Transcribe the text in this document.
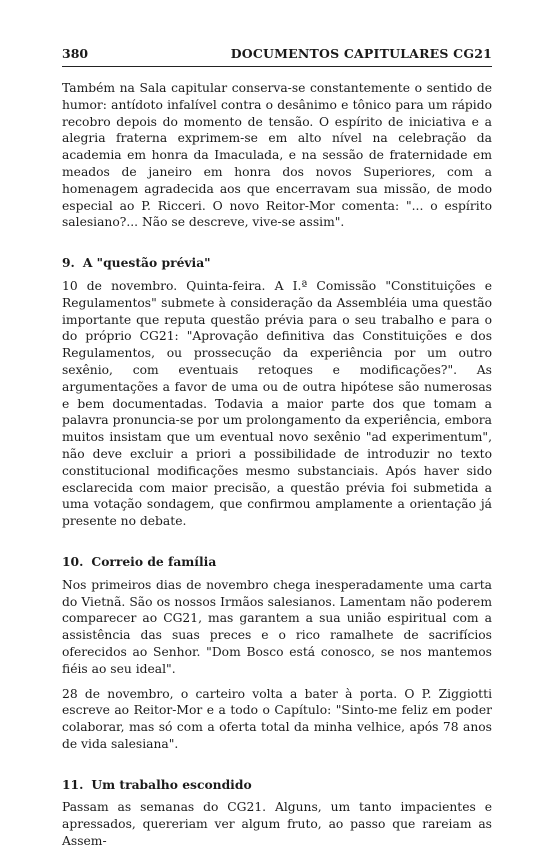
380	DOCUMENTOS CAPITULARES CG21

Também na Sala capitular conserva-se constantemente o sentido de humor: antídoto infalível contra o desânimo e tônico para um rápido recobro depois do momento de tensão. O espírito de iniciativa e a alegria fraterna exprimem-se em alto nível na celebração da academia em honra da Imaculada, e na sessão de fraternidade em meados de janeiro em honra dos novos Superiores, com a homenagem agradecida aos que encerravam sua missão, de modo especial ao P. Ricceri. O novo Reitor-Mor comenta: "... o espírito salesiano?... Não se descreve, vive-se assim".

9. A "questão prévia"

10 de novembro. Quinta-feira. A I.ª Comissão "Constituições e Regulamentos" submete à consideração da Assembléia uma questão importante que reputa questão prévia para o seu trabalho e para o do próprio CG21: "Aprovação definitiva das Constituições e dos Regulamentos, ou prossecução da experiência por um outro sexênio, com eventuais retoques e modificações?". As argumentações a favor de uma ou de outra hipótese são numerosas e bem documentadas. Todavia a maior parte dos que tomam a palavra pronuncia-se por um prolongamento da experiência, embora muitos insistam que um eventual novo sexênio "ad experimentum", não deve excluir a priori a possibilidade de introduzir no texto constitucional modificações mesmo substanciais. Após haver sido esclarecida com maior precisão, a questão prévia foi submetida a uma votação sondagem, que confirmou amplamente a orientação já presente no debate.

10. Correio de família

Nos primeiros dias de novembro chega inesperadamente uma carta do Vietnã. São os nossos Irmãos salesianos. Lamentam não poderem comparecer ao CG21, mas garantem a sua união espiritual com a assistência das suas preces e o rico ramalhete de sacrifícios oferecidos ao Senhor. "Dom Bosco está conosco, se nos mantemos fiéis ao seu ideal".

28 de novembro, o carteiro volta a bater à porta. O P. Ziggiotti escreve ao Reitor-Mor e a todo o Capítulo: "Sinto-me feliz em poder colaborar, mas só com a oferta total da minha velhice, após 78 anos de vida salesiana".

11. Um trabalho escondido

Passam as semanas do CG21. Alguns, um tanto impacientes e apressados, quereriam ver algum fruto, ao passo que rareiam as Assem-
